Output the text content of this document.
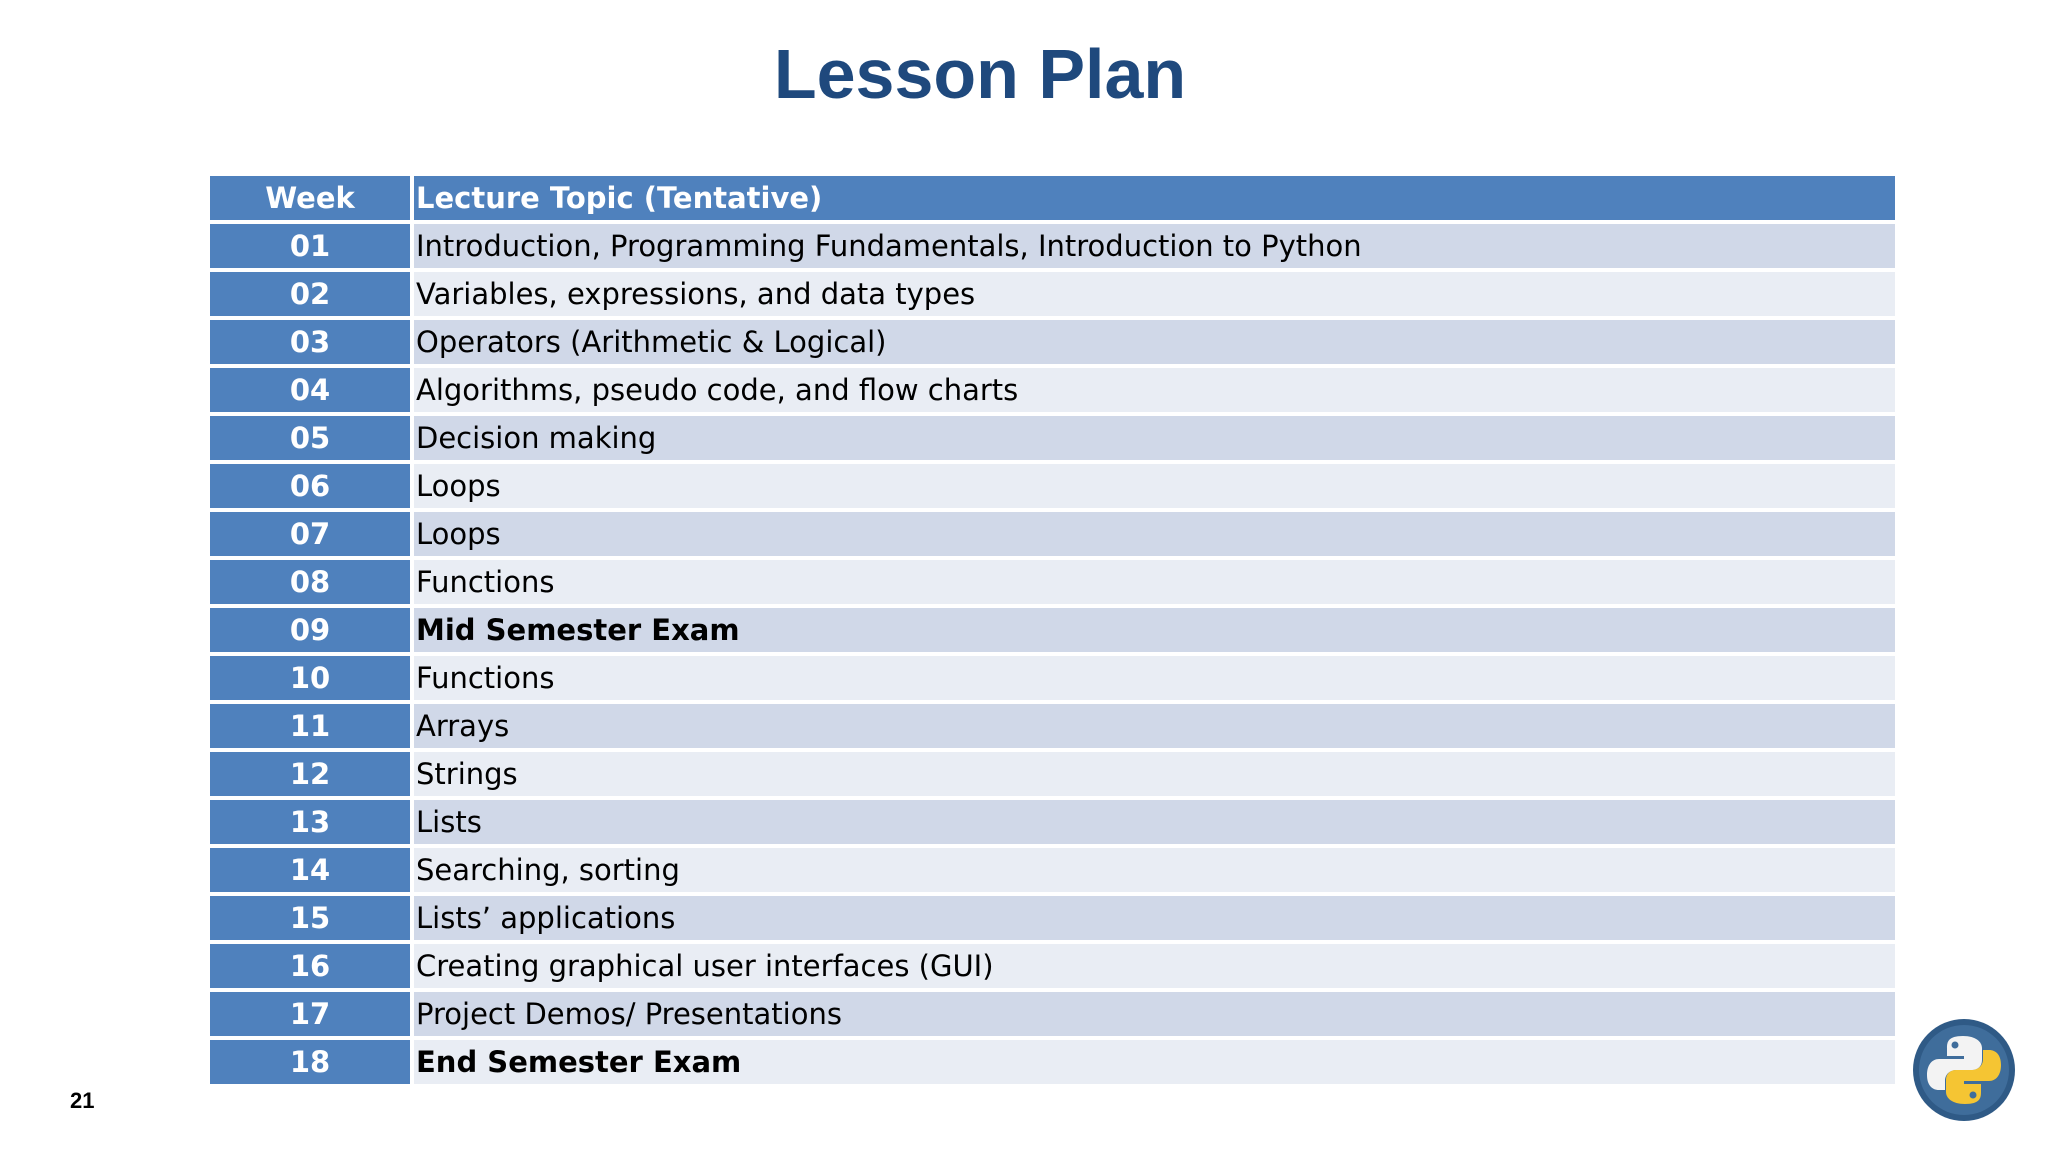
Lesson Plan
Week	Lecture Topic (Tentative)
01	Introduction, Programming Fundamentals, Introduction to Python
02	Variables, expressions, and data types
03	Operators (Arithmetic & Logical)
04	Algorithms, pseudo code, and flow charts
05	Decision making
06	Loops
07	Loops
08	Functions
09	Mid Semester Exam
10	Functions
11	Arrays
12	Strings
13	Lists
14	Searching, sorting
15	Lists’ applications
16	Creating graphical user interfaces (GUI)
17	Project Demos/ Presentations
18	End Semester Exam
21
